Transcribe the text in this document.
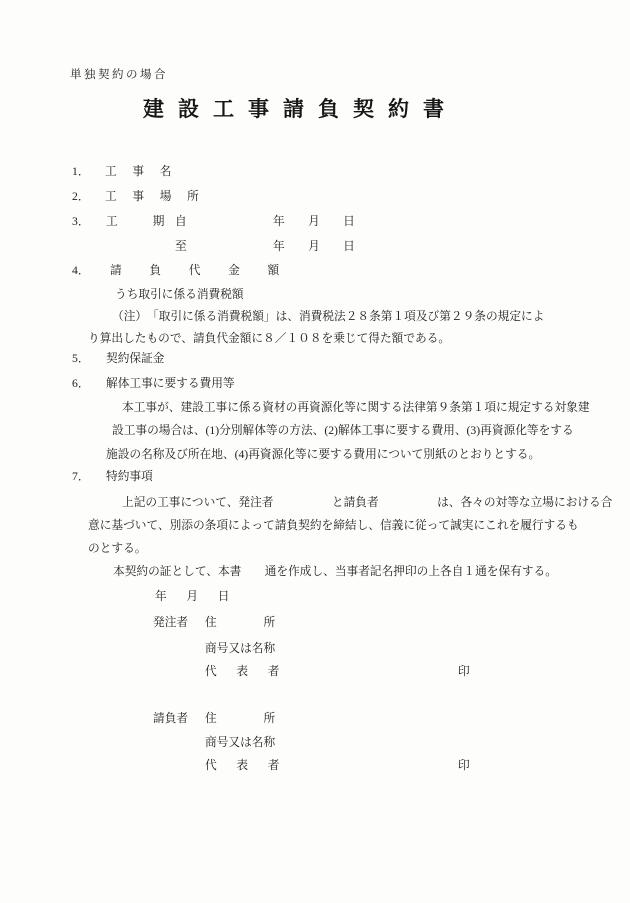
単独契約の場合
建設工事請負契約書
1． 工　事　名
2． 工　事　場　所
3． 工　　　期 自	年　　月　　日
至	年　　月　　日
4． 請　負　代　金　額
うち取引に係る消費税額
（注）　「取引に係る消費税額」は、消費税法２８条第１項及び第２９条の規定によ
り算出したもので、請負代金額に８／１０８を乗じて得た額である。
5． 契約保証金
6． 解体工事に要する費用等
本工事が、建設工事に係る資材の再資源化等に関する法律第９条第１項に規定する対象建
設工事の場合は、(1)分別解体等の方法、(2)解体工事に要する費用、(3)再資源化等をする
施設の名称及び所在地、(4)再資源化等に要する費用について別紙のとおりとする。
7． 特約事項
上記の工事について、発注者　　　　　と請負者　　　　　は、各々の対等な立場における合
意に基づいて、別添の条項によって請負契約を締結し、信義に従って誠実にこれを履行するも
のとする。
本契約の証として、本書　　通を作成し、当事者記名押印の上各自１通を保有する。
年　月　日
発注者 住　　　　所
商号又は名称
代　表　者	印
請負者 住　　　　所
商号又は名称
代　表　者	印
